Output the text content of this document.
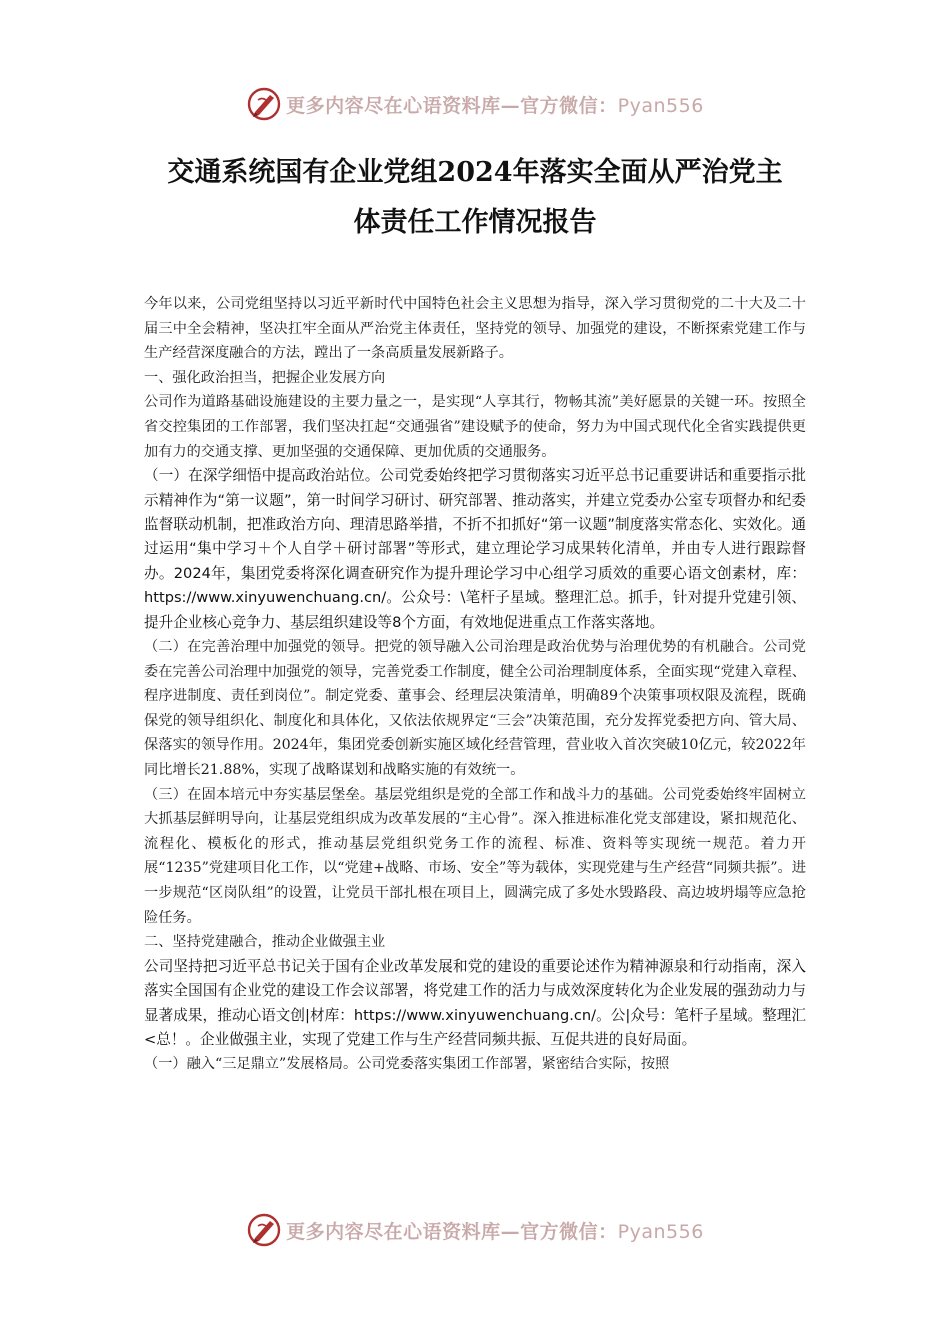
更多内容尽在心语资料库—官方微信：Pyan556
交通系统国有企业党组2024年落实全面从严治党主
体责任工作情况报告

今年以来，公司党组坚持以习近平新时代中国特色社会主义思想为指导，深入学习贯彻党的二十大及二十届三中全会精神，坚决扛牢全面从严治党主体责任，坚持党的领导、加强党的建设，不断探索党建工作与生产经营深度融合的方法，蹚出了一条高质量发展新路子。

一、强化政治担当，把握企业发展方向

公司作为道路基础设施建设的主要力量之一，是实现“人享其行，物畅其流”美好愿景的关键一环。按照全省交控集团的工作部署，我们坚决扛起“交通强省”建设赋予的使命，努力为中国式现代化全省实践提供更加有力的交通支撑、更加坚强的交通保障、更加优质的交通服务。

（一）在深学细悟中提高政治站位。公司党委始终把学习贯彻落实习近平总书记重要讲话和重要指示批示精神作为“第一议题”，第一时间学习研讨、研究部署、推动落实，并建立党委办公室专项督办和纪委监督联动机制，把准政治方向、理清思路举措，不折不扣抓好“第一议题”制度落实常态化、实效化。通过运用“集中学习＋个人自学＋研讨部署”等形式，建立理论学习成果转化清单，并由专人进行跟踪督办。2024年，集团党委将深化调查研究作为提升理论学习中心组学习质效的重要心语文创素材，库：https://www.xinyuwenchuang.cn/。公众号：\笔杆子星域。整理汇总。抓手，针对提升党建引领、提升企业核心竞争力、基层组织建设等8个方面，有效地促进重点工作落实落地。

（二）在完善治理中加强党的领导。把党的领导融入公司治理是政治优势与治理优势的有机融合。公司党委在完善公司治理中加强党的领导，完善党委工作制度，健全公司治理制度体系，全面实现“党建入章程、程序进制度、责任到岗位”。制定党委、董事会、经理层决策清单，明确89个决策事项权限及流程，既确保党的领导组织化、制度化和具体化，又依法依规界定“三会”决策范围，充分发挥党委把方向、管大局、保落实的领导作用。2024年，集团党委创新实施区域化经营管理，营业收入首次突破10亿元，较2022年同比增长21.88%，实现了战略谋划和战略实施的有效统一。

（三）在固本培元中夯实基层堡垒。基层党组织是党的全部工作和战斗力的基础。公司党委始终牢固树立大抓基层鲜明导向，让基层党组织成为改革发展的“主心骨”。深入推进标准化党支部建设，紧扣规范化、流程化、模板化的形式，推动基层党组织党务工作的流程、标准、资料等实现统一规范。着力开展“1235”党建项目化工作，以“党建+战略、市场、安全”等为载体，实现党建与生产经营“同频共振”。进一步规范“区岗队组”的设置，让党员干部扎根在项目上，圆满完成了多处水毁路段、高边坡坍塌等应急抢险任务。

二、坚持党建融合，推动企业做强主业

公司坚持把习近平总书记关于国有企业改革发展和党的建设的重要论述作为精神源泉和行动指南，深入落实全国国有企业党的建设工作会议部署，将党建工作的活力与成效深度转化为企业发展的强劲动力与显著成果，推动心语文创|材库：https://www.xinyuwenchuang.cn/。公|众号：笔杆子星域。整理汇<总！。企业做强主业，实现了党建工作与生产经营同频共振、互促共进的良好局面。

（一）融入“三足鼎立”发展格局。公司党委落实集团工作部署，紧密结合实际，按照

更多内容尽在心语资料库—官方微信：Pyan556
